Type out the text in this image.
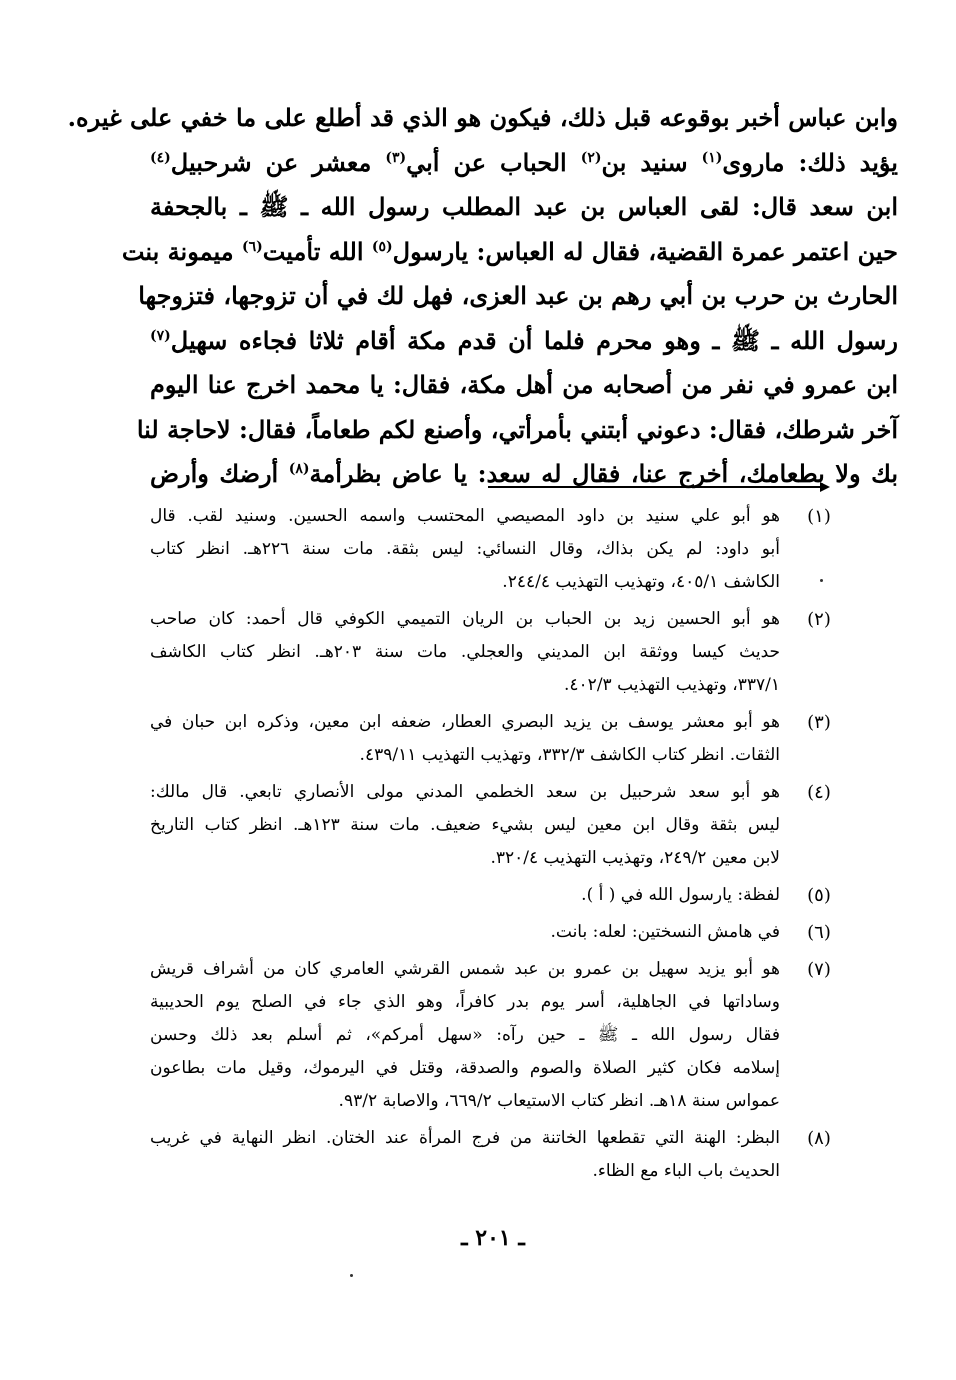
وابن عباس أخبر بوقوعه قبل ذلك، فيكون هو الذي قد أطلع على ما خفي على غيره.
يؤيد ذلك: ماروى$^{(١)}$ سنيد بن$^{(٢)}$ الحباب عن أبي$^{(٣)}$ معشر عن شرحبيل$^{(٤)}$
ابن سعد قال: لقى العباس بن عبد المطلب رسول الله ـ ﷺ ـ بالجحفة
حين اعتمر عمرة القضية، فقال له العباس: يارسول$^{(٥)}$ الله تأميت$^{(٦)}$ ميمونة بنت
الحارث بن حرب بن أبي رهم بن عبد العزى، فهل لك في أن تزوجها، فتزوجها
رسول الله ـ ﷺ ـ وهو محرم فلما أن قدم مكة أقام ثلاثا فجاءه سهيل$^{(٧)}$
ابن عمرو في نفر من أصحابه من أهل مكة، فقال: يا محمد اخرج عنا اليوم
آخر شرطك، فقال: دعوني أبتني بأمرأتي، وأصنع لكم طعاماً، فقال: لاحاجة لنا
بك ولا بطعامك، أخرج عنا، فقال له سعد: يا عاض بظرأمة$^{(٨)}$ أرضك وأرض
(١)
هو أبو علي سنيد بن داود المصيصي المحتسب واسمه الحسين. وسنيد لقب. قال
أبو داود: لم يكن بذاك، وقال النسائي: ليس بثقة. مات سنة ٢٢٦هـ. انظر كتاب
الكاشف ٤٠٥/١، وتهذيب التهذيب ٢٤٤/٤.
(٢)
هو أبو الحسين زيد بن الحباب بن الريان التميمي الكوفي قال أحمد: كان صاحب
حديث كيسا ووثقة ابن المديني والعجلي. مات سنة ٢٠٣هـ. انظر كتاب الكاشف
٣٣٧/١، وتهذيب التهذيب ٤٠٢/٣.
(٣)
هو أبو معشر يوسف بن يزيد البصري العطار، ضعفه ابن معين، وذكره ابن حبان في
الثقات. انظر كتاب الكاشف ٣٣٢/٣، وتهذيب التهذيب ٤٣٩/١١.
(٤)
هو أبو سعد شرحبيل بن سعد الخطمي المدني مولى الأنصاري تابعي. قال مالك:
ليس بثقة وقال ابن معين ليس بشيء ضعيف. مات سنة ١٢٣هـ. انظر كتاب التاريخ
لابن معين ٢٤٩/٢، وتهذيب التهذيب ٣٢٠/٤.
(٥)
لفظة: يارسول الله في ( أ ).
(٦)
في هامش النسختين: لعله: بانت.
(٧)
هو أبو يزيد سهيل بن عمرو بن عبد شمس القرشي العامري كان من أشراف قريش
وساداتها في الجاهلية، أسر يوم بدر كافراً، وهو الذي جاء في الصلح يوم الحديبية
فقال رسول الله ـ ﷺ ـ حين رآه: «سهل أمركم»، ثم أسلم بعد ذلك وحسن
إسلامه فكان كثير الصلاة والصوم والصدقة، وقتل في اليرموك، وقيل مات بطاعون
عمواس سنة ١٨هـ. انظر كتاب الاستيعاب ٦٦٩/٢، والاصابة ٩٣/٢.
(٨)
البظر: الهنة التي تقطعها الخاتنة من فرج المرأة عند الختان. انظر النهاية في غريب
الحديث باب الباء مع الظاء.
ـ ٢٠١ ـ
